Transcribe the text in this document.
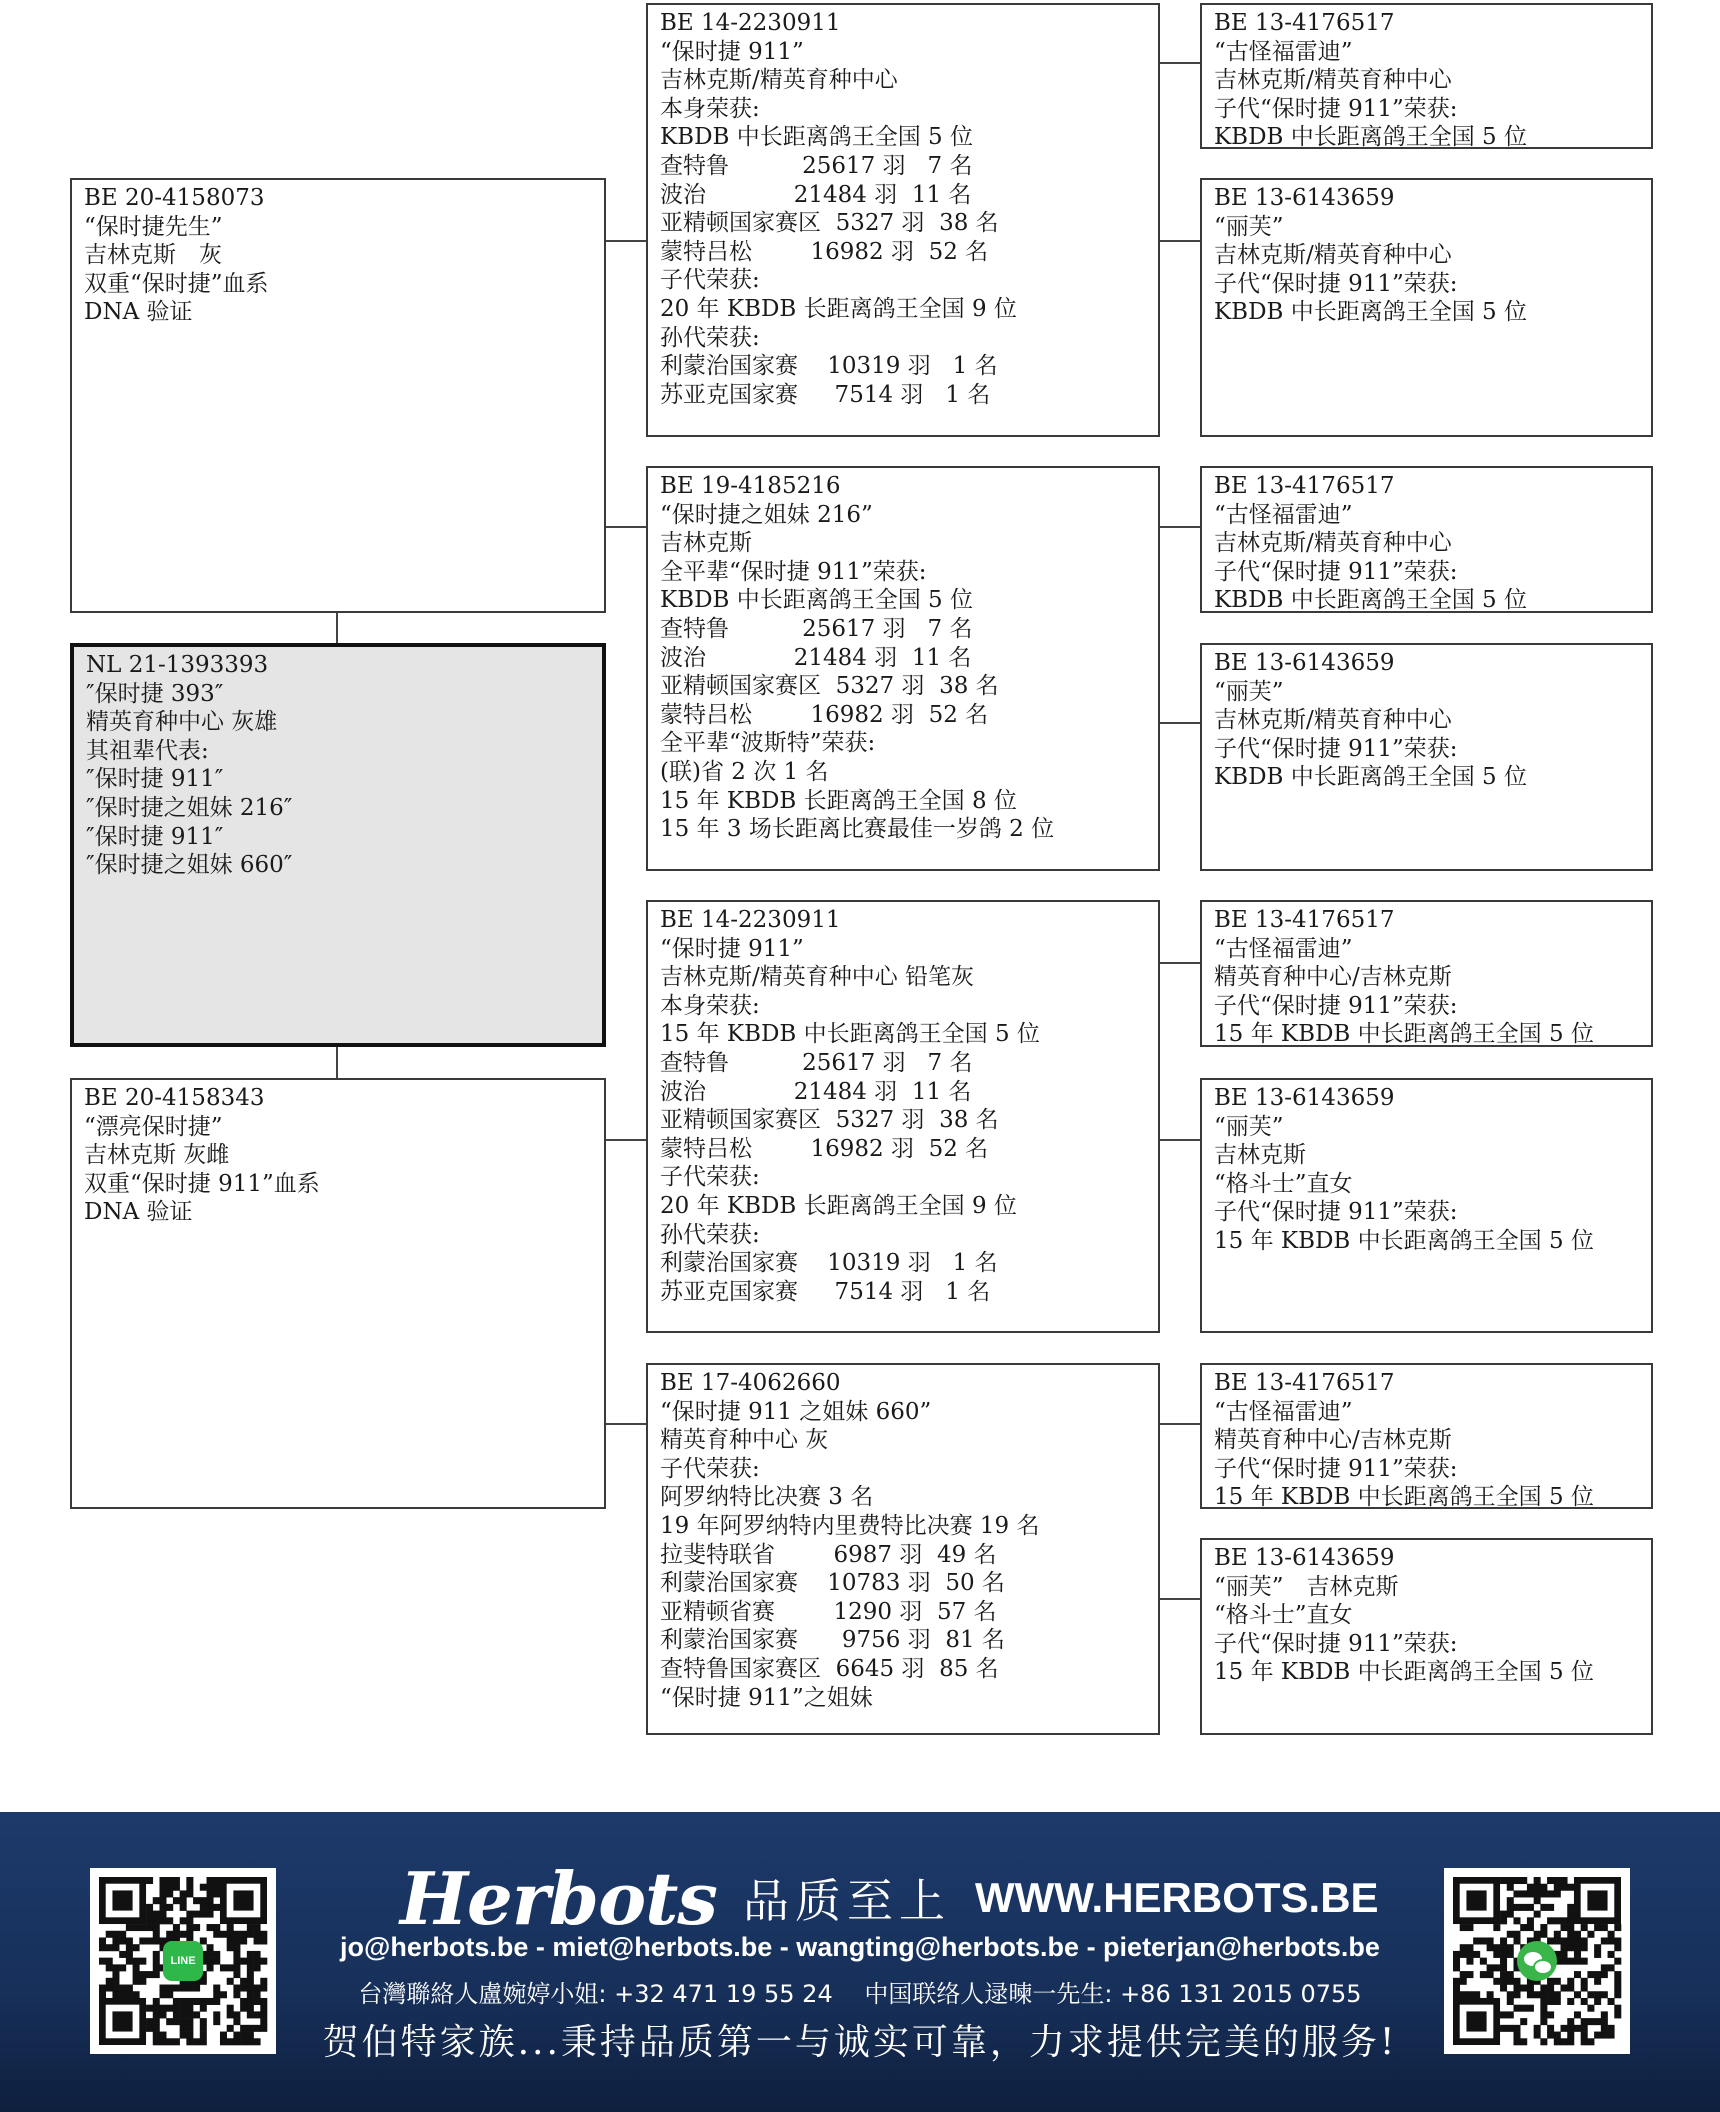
BE 20-4158073
“保时捷先生”
吉林克斯　灰
双重“保时捷”血系
DNA 验证
NL 21-1393393
″保时捷 393″
精英育种中心 灰雄
其祖辈代表:
″保时捷 911″
″保时捷之姐妹 216″
″保时捷 911″
″保时捷之姐妹 660″
BE 20-4158343
“漂亮保时捷”
吉林克斯 灰雌
双重“保时捷 911”血系
DNA 验证
BE 14-2230911
“保时捷 911”
吉林克斯/精英育种中心
本身荣获:
KBDB 中长距离鸽王全国 5 位
查特鲁          25617 羽   7 名
波治            21484 羽  11 名
亚精顿国家赛区  5327 羽  38 名
蒙特吕松        16982 羽  52 名
子代荣获:
20 年 KBDB 长距离鸽王全国 9 位
孙代荣获:
利蒙治国家赛    10319 羽   1 名
苏亚克国家赛     7514 羽   1 名
BE 19-4185216
“保时捷之姐妹 216”
吉林克斯
全平辈“保时捷 911”荣获:
KBDB 中长距离鸽王全国 5 位
查特鲁          25617 羽   7 名
波治            21484 羽  11 名
亚精顿国家赛区  5327 羽  38 名
蒙特吕松        16982 羽  52 名
全平辈“波斯特”荣获:
(联)省 2 次 1 名
15 年 KBDB 长距离鸽王全国 8 位
15 年 3 场长距离比赛最佳一岁鸽 2 位
BE 14-2230911
“保时捷 911”
吉林克斯/精英育种中心 铅笔灰
本身荣获:
15 年 KBDB 中长距离鸽王全国 5 位
查特鲁          25617 羽   7 名
波治            21484 羽  11 名
亚精顿国家赛区  5327 羽  38 名
蒙特吕松        16982 羽  52 名
子代荣获:
20 年 KBDB 长距离鸽王全国 9 位
孙代荣获:
利蒙治国家赛    10319 羽   1 名
苏亚克国家赛     7514 羽   1 名
BE 17-4062660
“保时捷 911 之姐妹 660”
精英育种中心 灰
子代荣获:
阿罗纳特比决赛 3 名
19 年阿罗纳特内里费特比决赛 19 名
拉斐特联省        6987 羽  49 名
利蒙治国家赛    10783 羽  50 名
亚精顿省赛        1290 羽  57 名
利蒙治国家赛      9756 羽  81 名
查特鲁国家赛区  6645 羽  85 名
“保时捷 911”之姐妹
BE 13-4176517
“古怪福雷迪”
吉林克斯/精英育种中心
子代“保时捷 911”荣获:
KBDB 中长距离鸽王全国 5 位
BE 13-6143659
“丽芙”
吉林克斯/精英育种中心
子代“保时捷 911”荣获:
KBDB 中长距离鸽王全国 5 位
BE 13-4176517
“古怪福雷迪”
吉林克斯/精英育种中心
子代“保时捷 911”荣获:
KBDB 中长距离鸽王全国 5 位
BE 13-6143659
“丽芙”
吉林克斯/精英育种中心
子代“保时捷 911”荣获:
KBDB 中长距离鸽王全国 5 位
BE 13-4176517
“古怪福雷迪”
精英育种中心/吉林克斯
子代“保时捷 911”荣获:
15 年 KBDB 中长距离鸽王全国 5 位
BE 13-6143659
“丽芙”
吉林克斯
“格斗士”直女
子代“保时捷 911”荣获:
15 年 KBDB 中长距离鸽王全国 5 位
BE 13-4176517
“古怪福雷迪”
精英育种中心/吉林克斯
子代“保时捷 911”荣获:
15 年 KBDB 中长距离鸽王全国 5 位
BE 13-6143659
“丽芙”　吉林克斯
“格斗士”直女
子代“保时捷 911”荣获:
15 年 KBDB 中长距离鸽王全国 5 位
LINE
Herbots 品质至上 WWW.HERBOTS.BE
jo@herbots.be - miet@herbots.be - wangting@herbots.be - pieterjan@herbots.be
台灣聯絡人盧婉婷小姐: +32 471 19 55 24　 中国联络人逯暕一先生: +86 131 2015 0755
贺伯特家族...秉持品质第一与诚实可靠，力求提供完美的服务!
